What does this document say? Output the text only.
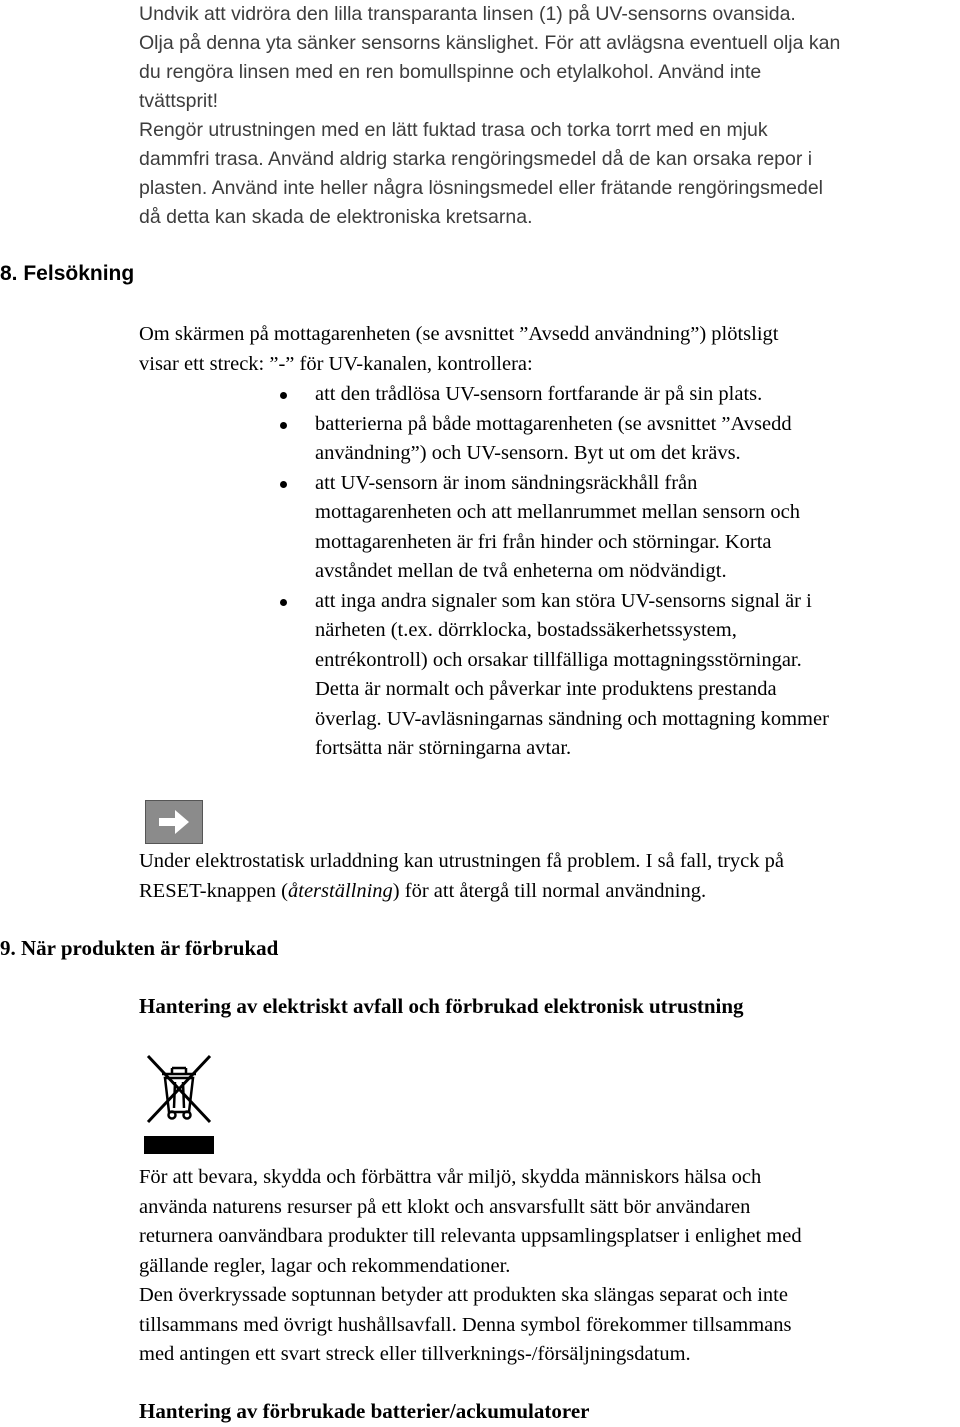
Undvik att vidröra den lilla transparanta linsen (1) på UV-sensorns ovansida.
Olja på denna yta sänker sensorns känslighet. För att avlägsna eventuell olja kan
du rengöra linsen med en ren bomullspinne och etylalkohol. Använd inte
tvättsprit!
Rengör utrustningen med en lätt fuktad trasa och torka torrt med en mjuk
dammfri trasa. Använd aldrig starka rengöringsmedel då de kan orsaka repor i
plasten. Använd inte heller några lösningsmedel eller frätande rengöringsmedel
då detta kan skada de elektroniska kretsarna.
8. Felsökning
Om skärmen på mottagarenheten (se avsnittet ”Avsedd användning”) plötsligt
visar ett streck: ”-” för UV-kanalen, kontrollera:
att den trådlösa UV-sensorn fortfarande är på sin plats.
batterierna på både mottagarenheten (se avsnittet ”Avsedd
användning”) och UV-sensorn. Byt ut om det krävs.
att UV-sensorn är inom sändningsräckhåll från
mottagarenheten och att mellanrummet mellan sensorn och
mottagarenheten är fri från hinder och störningar. Korta
avståndet mellan de två enheterna om nödvändigt.
att inga andra signaler som kan störa UV-sensorns signal är i
närheten (t.ex. dörrklocka, bostadssäkerhetssystem,
entrékontroll) och orsakar tillfälliga mottagningsstörningar.
Detta är normalt och påverkar inte produktens prestanda
överlag. UV-avläsningarnas sändning och mottagning kommer
fortsätta när störningarna avtar.
Under elektrostatisk urladdning kan utrustningen få problem. I så fall, tryck på
RESET-knappen (återställning) för att återgå till normal användning.
9. När produkten är förbrukad
Hantering av elektriskt avfall och förbrukad elektronisk utrustning
För att bevara, skydda och förbättra vår miljö, skydda människors hälsa och
använda naturens resurser på ett klokt och ansvarsfullt sätt bör användaren
returnera oanvändbara produkter till relevanta uppsamlingsplatser i enlighet med
gällande regler, lagar och rekommendationer.
Den överkryssade soptunnan betyder att produkten ska slängas separat och inte
tillsammans med övrigt hushållsavfall. Denna symbol förekommer tillsammans
med antingen ett svart streck eller tillverknings-/försäljningsdatum.
Hantering av förbrukade batterier/ackumulatorer
